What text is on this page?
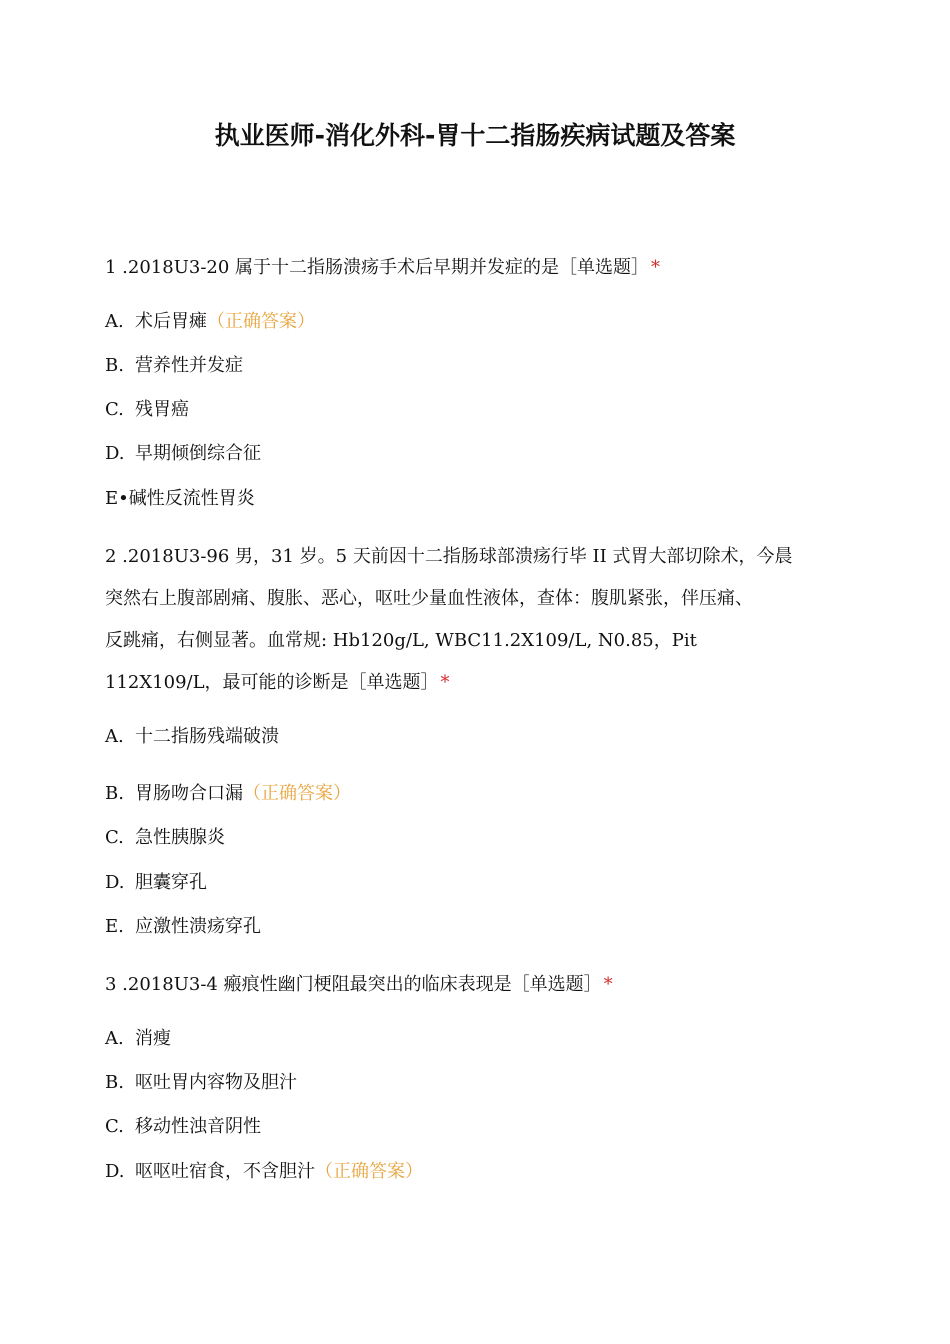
执业医师-消化外科-胃十二指肠疾病试题及答案
1 .2018U3-20 属于十二指肠溃疡手术后早期并发症的是［单选题］ *
A. 术后胃瘫（正确答案）
B. 营养性并发症
C. 残胃癌
D. 早期倾倒综合征
E•碱性反流性胃炎
2 .2018U3-96 男，31 岁。5 天前因十二指肠球部溃疡行毕 II 式胃大部切除术，今晨
突然右上腹部剧痛、腹胀、恶心，呕吐少量血性液体，查体：腹肌紧张，伴压痛、
反跳痛，右侧显著。血常规: Hb120g/L, WBC11.2X109/L, N0.85，Pit
112X109/L，最可能的诊断是［单选题］ *
A. 十二指肠残端破溃
B. 胃肠吻合口漏（正确答案）
C. 急性胰腺炎
D. 胆囊穿孔
E. 应激性溃疡穿孔
3 .2018U3-4 瘢痕性幽门梗阻最突出的临床表现是［单选题］ *
A. 消瘦
B. 呕吐胃内容物及胆汁
C. 移动性浊音阴性
D. 呕呕吐宿食，不含胆汁（正确答案）
